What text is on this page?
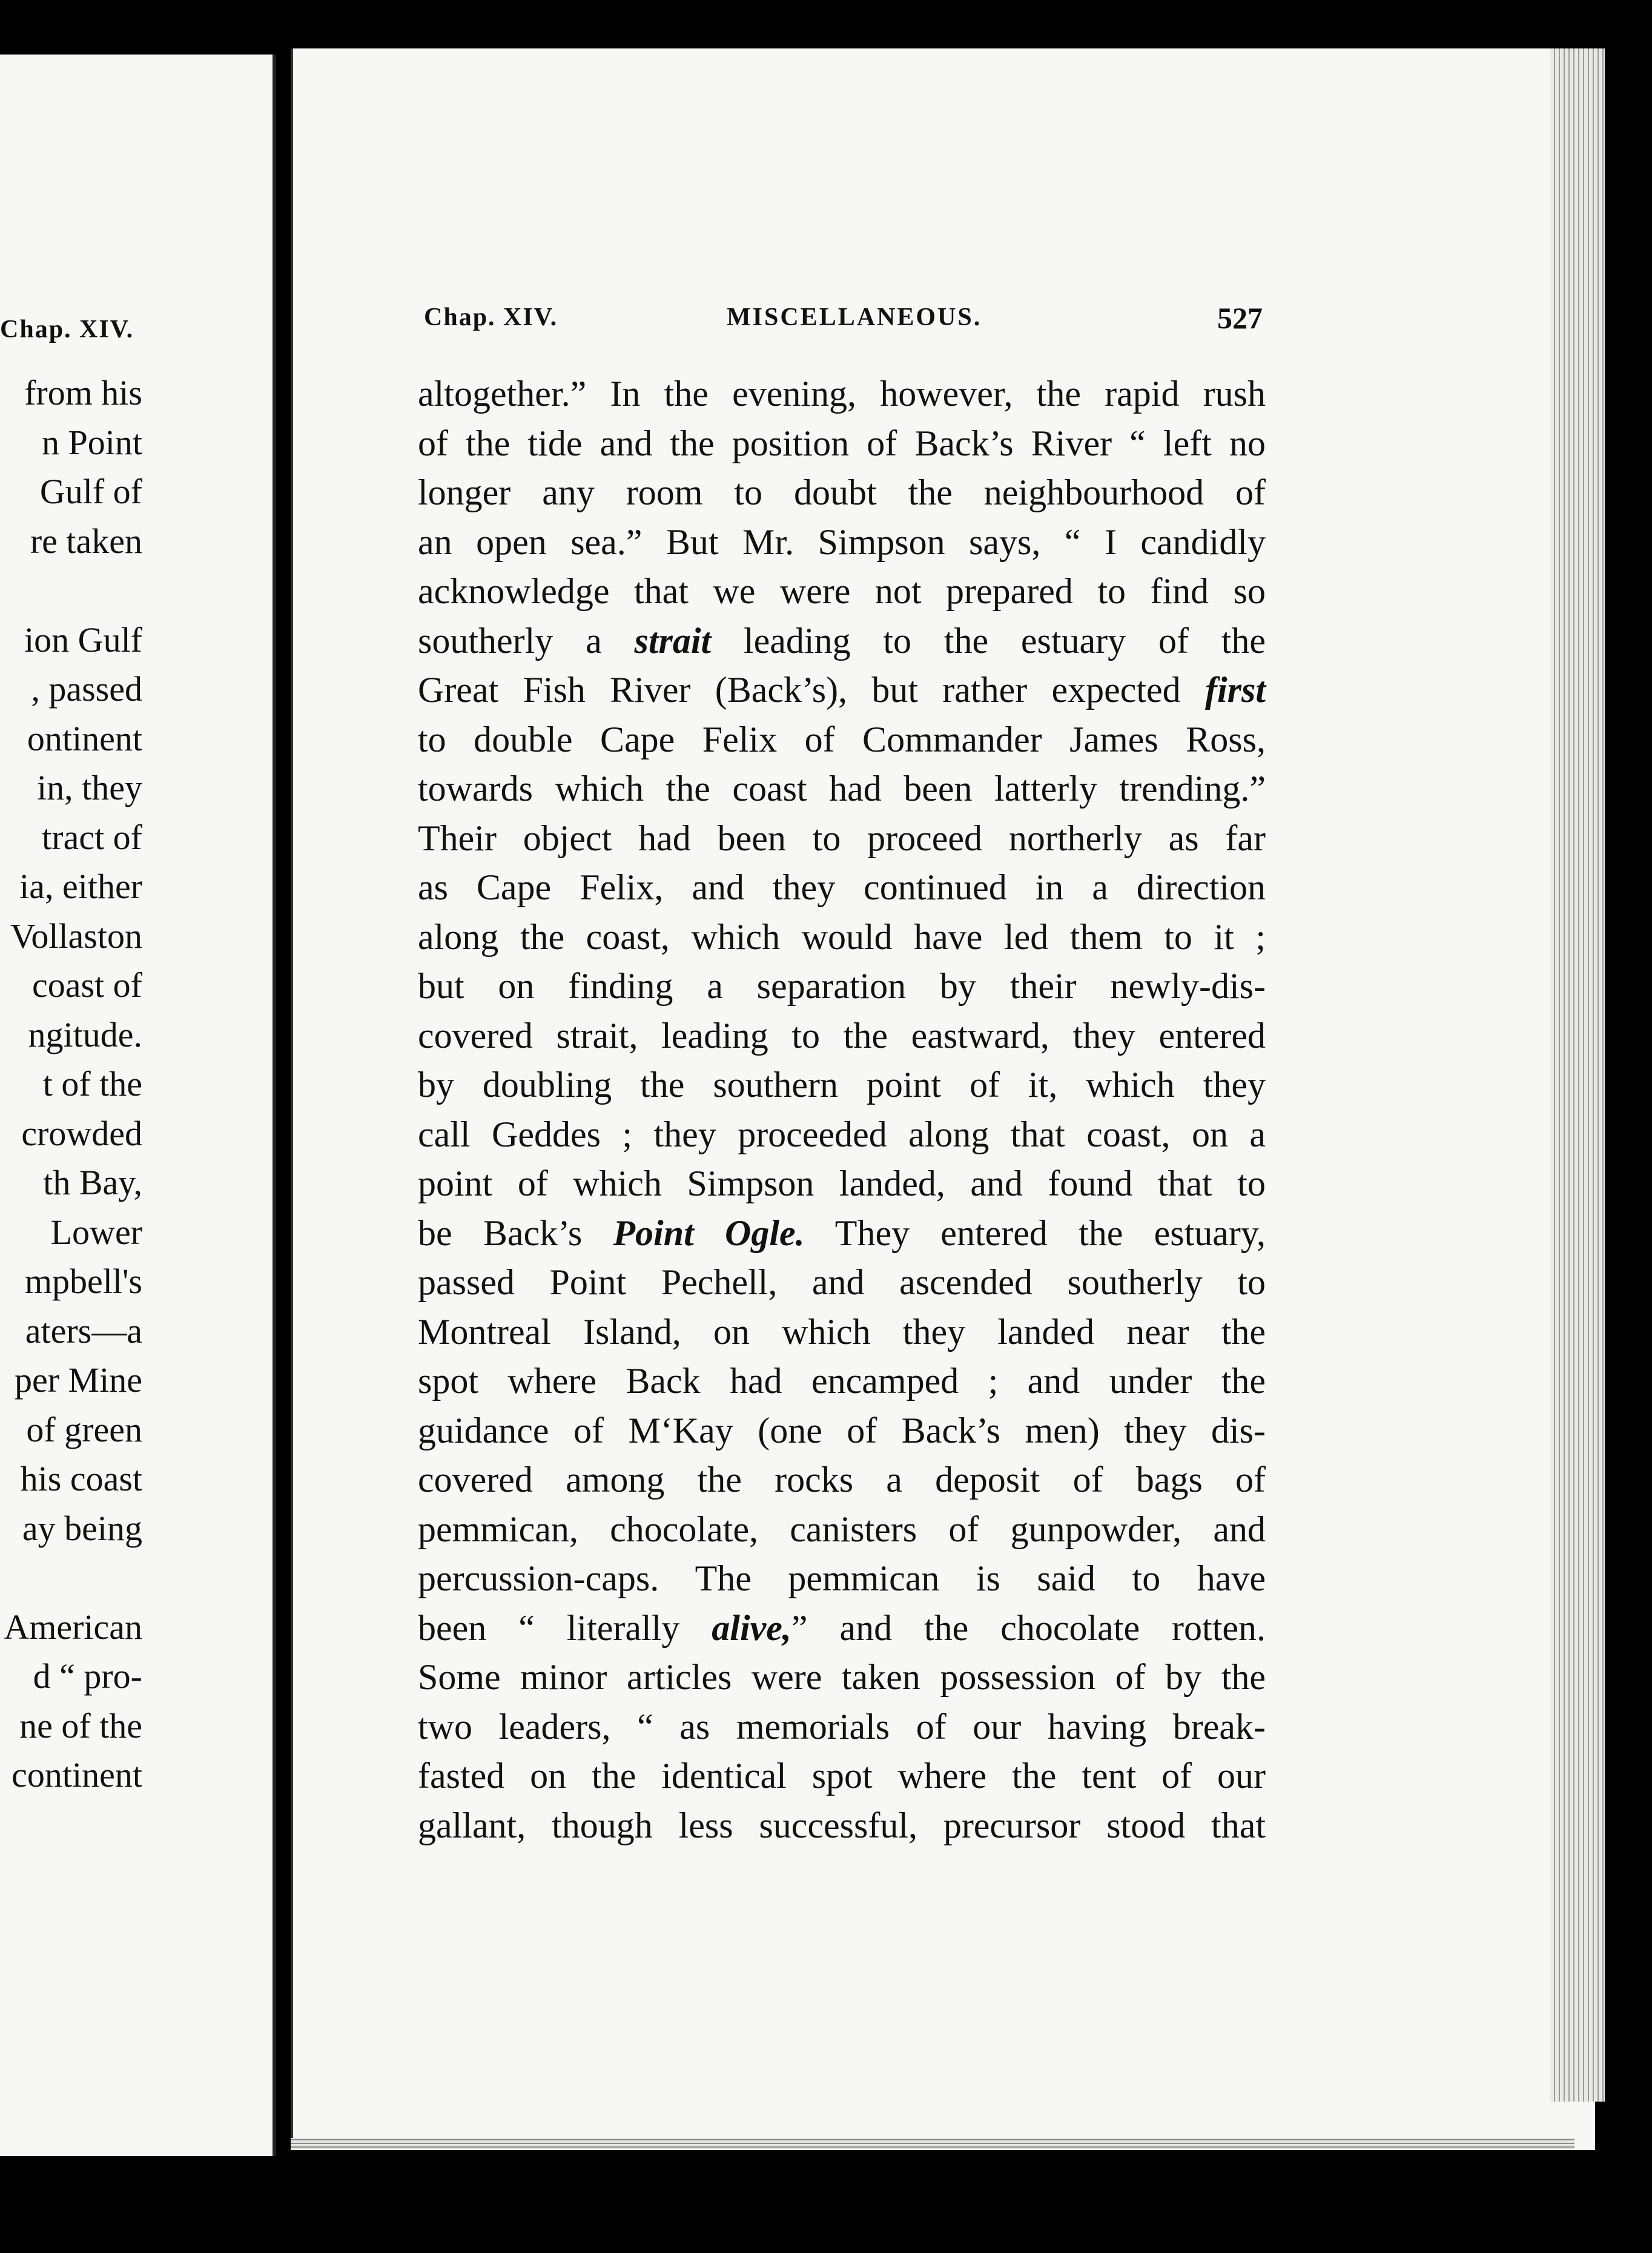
Chap. XIV.
from his
n Point
Gulf of
re taken
ion Gulf
, passed
ontinent
in, they
tract of
ia, either
Vollaston
coast of
ngitude.
t of the
crowded
th Bay,
Lower
mpbell's
aters—a
per Mine
of green
his coast
ay being
American
d “ pro-
ne of the
continent
Chap. XIV.	MISCELLANEOUS.	527
altogether.” In the evening, however, the rapid rush
of the tide and the position of Back’s River “ left no
longer any room to doubt the neighbourhood of
an open sea.” But Mr. Simpson says, “ I candidly
acknowledge that we were not prepared to find so
southerly a strait leading to the estuary of the
Great Fish River (Back’s), but rather expected first
to double Cape Felix of Commander James Ross,
towards which the coast had been latterly trending.”
Their object had been to proceed northerly as far
as Cape Felix, and they continued in a direction
along the coast, which would have led them to it ;
but on finding a separation by their newly-dis-
covered strait, leading to the eastward, they entered
by doubling the southern point of it, which they
call Geddes ; they proceeded along that coast, on a
point of which Simpson landed, and found that to
be Back’s Point Ogle. They entered the estuary,
passed Point Pechell, and ascended southerly to
Montreal Island, on which they landed near the
spot where Back had encamped ; and under the
guidance of M‘Kay (one of Back’s men) they dis-
covered among the rocks a deposit of bags of
pemmican, chocolate, canisters of gunpowder, and
percussion-caps. The pemmican is said to have
been “ literally alive,” and the chocolate rotten.
Some minor articles were taken possession of by the
two leaders, “ as memorials of our having break-
fasted on the identical spot where the tent of our
gallant, though less successful, precursor stood that
